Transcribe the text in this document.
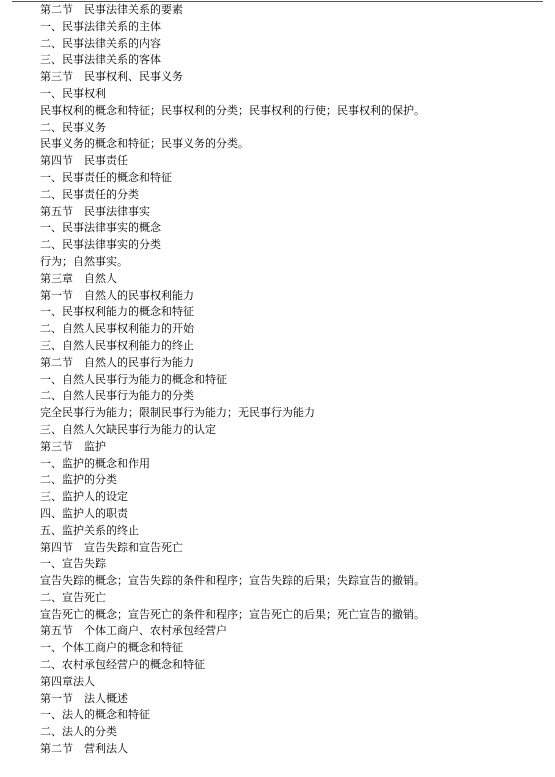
第二节　民事法律关系的要素
一、民事法律关系的主体
二、民事法律关系的内容
三、民事法律关系的客体
第三节　民事权利、民事义务
一、民事权利
民事权利的概念和特征；民事权利的分类；民事权利的行使；民事权利的保护。
二、民事义务
民事义务的概念和特征；民事义务的分类。
第四节　民事责任
一、民事责任的概念和特征
二、民事责任的分类
第五节　民事法律事实
一、民事法律事实的概念
二、民事法律事实的分类
行为；自然事实。
第三章　自然人
第一节　自然人的民事权利能力
一、民事权利能力的概念和特征
二、自然人民事权利能力的开始
三、自然人民事权利能力的终止
第二节　自然人的民事行为能力
一、自然人民事行为能力的概念和特征
二、自然人民事行为能力的分类
完全民事行为能力；限制民事行为能力；无民事行为能力
三、自然人欠缺民事行为能力的认定
第三节　监护
一、监护的概念和作用
二、监护的分类
三、监护人的设定
四、监护人的职责
五、监护关系的终止
第四节　宣告失踪和宣告死亡
一、宣告失踪
宣告失踪的概念；宣告失踪的条件和程序；宣告失踪的后果；失踪宣告的撤销。
二、宣告死亡
宣告死亡的概念；宣告死亡的条件和程序；宣告死亡的后果；死亡宣告的撤销。
第五节　个体工商户、农村承包经营户
一、个体工商户的概念和特征
二、农村承包经营户的概念和特征
第四章法人
第一节　法人概述
一、法人的概念和特征
二、法人的分类
第二节　营利法人
